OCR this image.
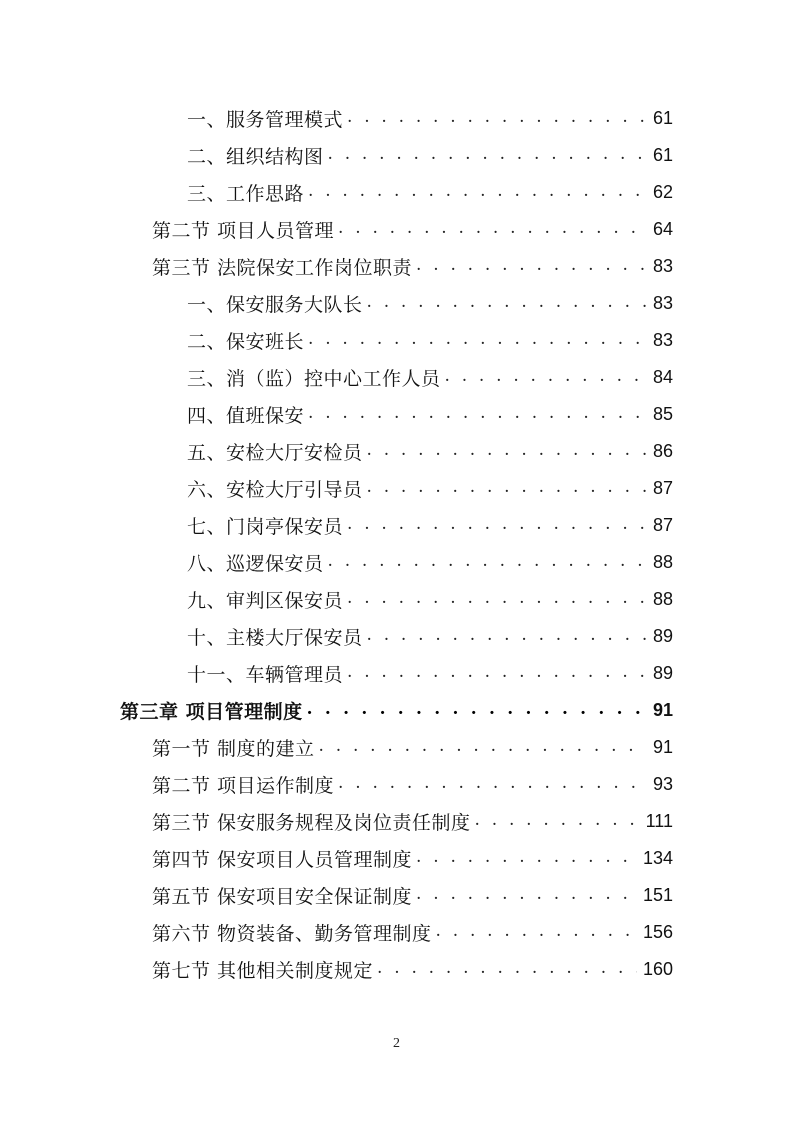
一、服务管理模式 . . .	61
二、组织结构图 . . .	61
三、工作思路 . . .	62
第二节 项目人员管理 . . .	64
第三节 法院保安工作岗位职责 . . .	83
一、保安服务大队长 . . .	83
二、保安班长 . . .	83
三、消（监）控中心工作人员 . . .	84
四、值班保安 . . .	85
五、安检大厅安检员 . . .	86
六、安检大厅引导员 . . .	87
七、门岗亭保安员 . . .	87
八、巡逻保安员 . . .	88
九、审判区保安员 . . .	88
十、主楼大厅保安员 . . .	89
十一、车辆管理员 . . .	89
第三章 项目管理制度 . . .	91
第一节 制度的建立 . . .	91
第二节 项目运作制度 . . .	93
第三节 保安服务规程及岗位责任制度 . . .	111
第四节 保安项目人员管理制度 . . .	134
第五节 保安项目安全保证制度 . . .	151
第六节 物资装备、勤务管理制度 . . .	156
第七节 其他相关制度规定 . . .	160
2
